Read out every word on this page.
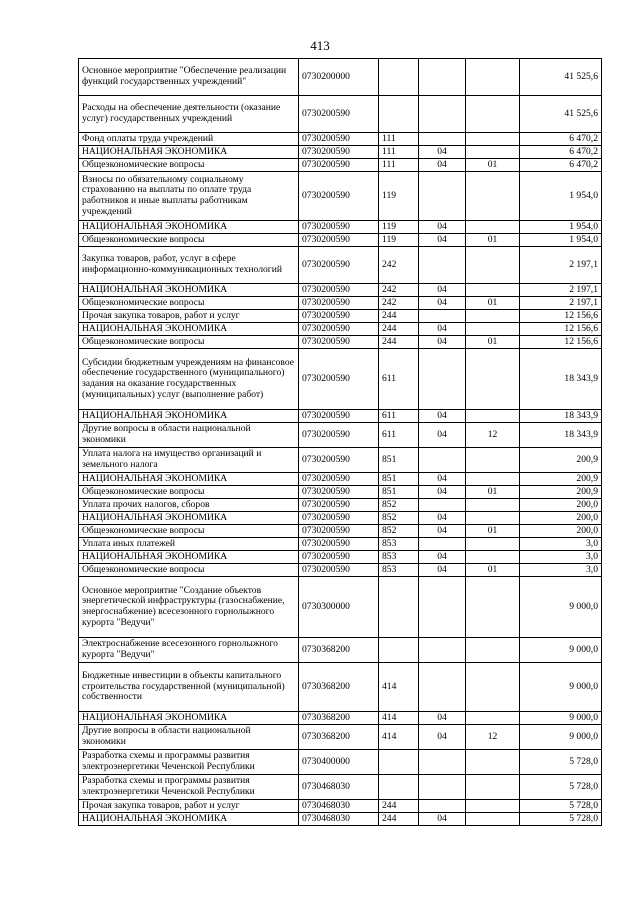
413
Основное мероприятие "Обеспечение реализации функций государственных учреждений"	0730200000				41 525,6
Расходы на обеспечение деятельности (оказание услуг) государственных учреждений	0730200590				41 525,6
Фонд оплаты труда учреждений	0730200590	111			6 470,2
НАЦИОНАЛЬНАЯ ЭКОНОМИКА	0730200590	111	04		6 470,2
Общеэкономические вопросы	0730200590	111	04	01	6 470,2
Взносы по обязательному социальному страхованию на выплаты по оплате труда работников и иные выплаты работникам учреждений	0730200590	119			1 954,0
НАЦИОНАЛЬНАЯ ЭКОНОМИКА	0730200590	119	04		1 954,0
Общеэкономические вопросы	0730200590	119	04	01	1 954,0
Закупка товаров, работ, услуг в сфере информационно-коммуникационных технологий	0730200590	242			2 197,1
НАЦИОНАЛЬНАЯ ЭКОНОМИКА	0730200590	242	04		2 197,1
Общеэкономические вопросы	0730200590	242	04	01	2 197,1
Прочая закупка товаров, работ и услуг	0730200590	244			12 156,6
НАЦИОНАЛЬНАЯ ЭКОНОМИКА	0730200590	244	04		12 156,6
Общеэкономические вопросы	0730200590	244	04	01	12 156,6
Субсидии бюджетным учреждениям на финансовое обеспечение государственного (муниципального) задания на оказание государственных (муниципальных) услуг (выполнение работ)	0730200590	611			18 343,9
НАЦИОНАЛЬНАЯ ЭКОНОМИКА	0730200590	611	04		18 343,9
Другие вопросы в области национальной экономики	0730200590	611	04	12	18 343,9
Уплата налога на имущество организаций и земельного налога	0730200590	851			200,9
НАЦИОНАЛЬНАЯ ЭКОНОМИКА	0730200590	851	04		200,9
Общеэкономические вопросы	0730200590	851	04	01	200,9
Уплата прочих налогов, сборов	0730200590	852			200,0
НАЦИОНАЛЬНАЯ ЭКОНОМИКА	0730200590	852	04		200,0
Общеэкономические вопросы	0730200590	852	04	01	200,0
Уплата иных платежей	0730200590	853			3,0
НАЦИОНАЛЬНАЯ ЭКОНОМИКА	0730200590	853	04		3,0
Общеэкономические вопросы	0730200590	853	04	01	3,0
Основное мероприятие "Создание объектов энергетической инфраструктуры (газоснабжение, энергоснабжение) всесезонного горнолыжного курорта "Ведучи"	0730300000				9 000,0
Электроснабжение всесезонного горнолыжного курорта "Ведучи"	0730368200				9 000,0
Бюджетные инвестиции в объекты капитального строительства государственной (муниципальной) собственности	0730368200	414			9 000,0
НАЦИОНАЛЬНАЯ ЭКОНОМИКА	0730368200	414	04		9 000,0
Другие вопросы в области национальной экономики	0730368200	414	04	12	9 000,0
Разработка схемы и программы развития электроэнергетики Чеченской Республики	0730400000				5 728,0
Разработка схемы и программы развития электроэнергетики Чеченской Республики	0730468030				5 728,0
Прочая закупка товаров, работ и услуг	0730468030	244			5 728,0
НАЦИОНАЛЬНАЯ ЭКОНОМИКА	0730468030	244	04		5 728,0
